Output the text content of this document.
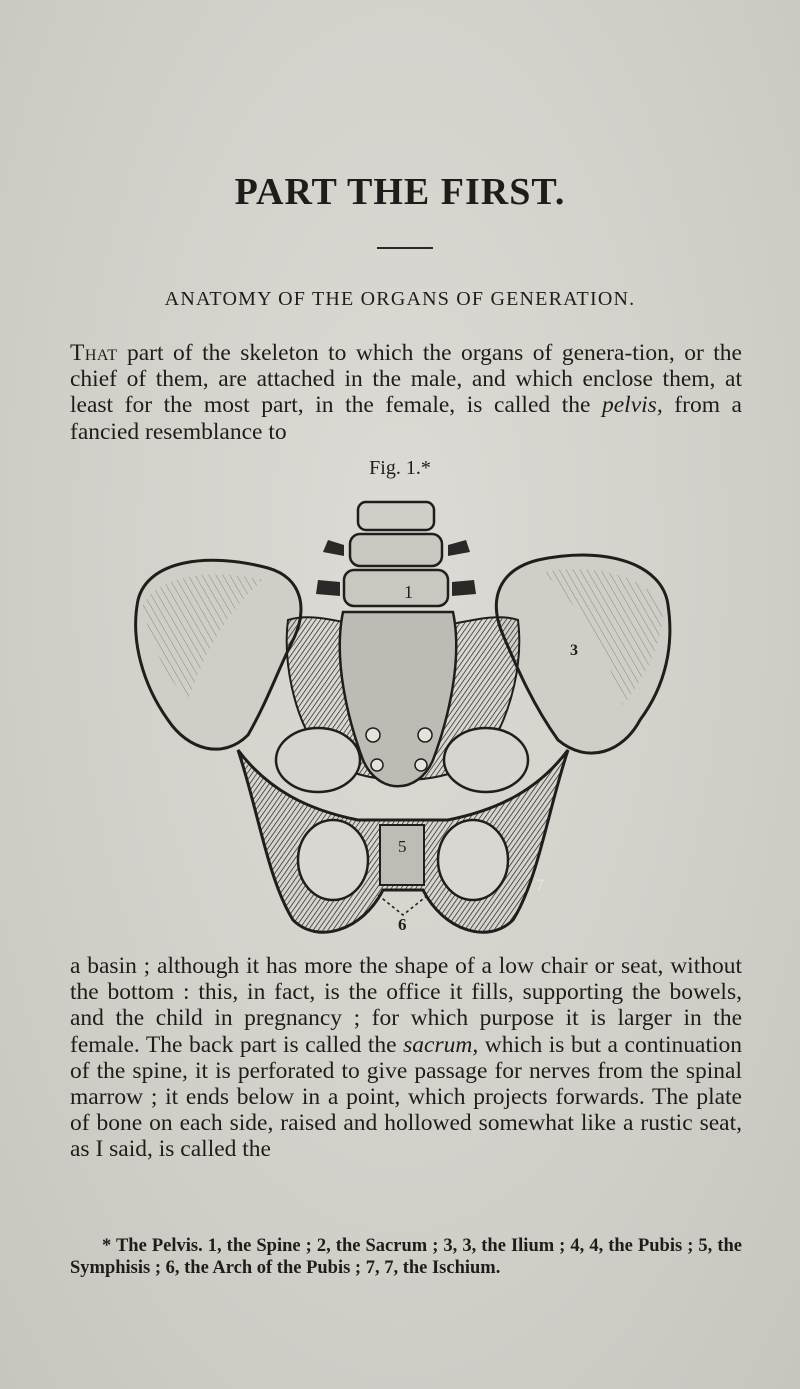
PART THE FIRST.
ANATOMY OF THE ORGANS OF GENERATION.

That part of the skeleton to which the organs of genera-tion, or the chief of them, are attached in the male, and which enclose them, at least for the most part, in the female, is called the pelvis, from a fancied resemblance to

Fig. 1.*
1
3
5
6
7

a basin ; although it has more the shape of a low chair or seat, without the bottom : this, in fact, is the office it fills, supporting the bowels, and the child in pregnancy ; for which purpose it is larger in the female. The back part is called the sacrum, which is but a continuation of the spine, it is perforated to give passage for nerves from the spinal marrow ; it ends below in a point, which projects forwards. The plate of bone on each side, raised and hollowed somewhat like a rustic seat, as I said, is called the

* The Pelvis. 1, the Spine ; 2, the Sacrum ; 3, 3, the Ilium ; 4, 4, the Pubis ; 5, the Symphisis ; 6, the Arch of the Pubis ; 7, 7, the Ischium.
